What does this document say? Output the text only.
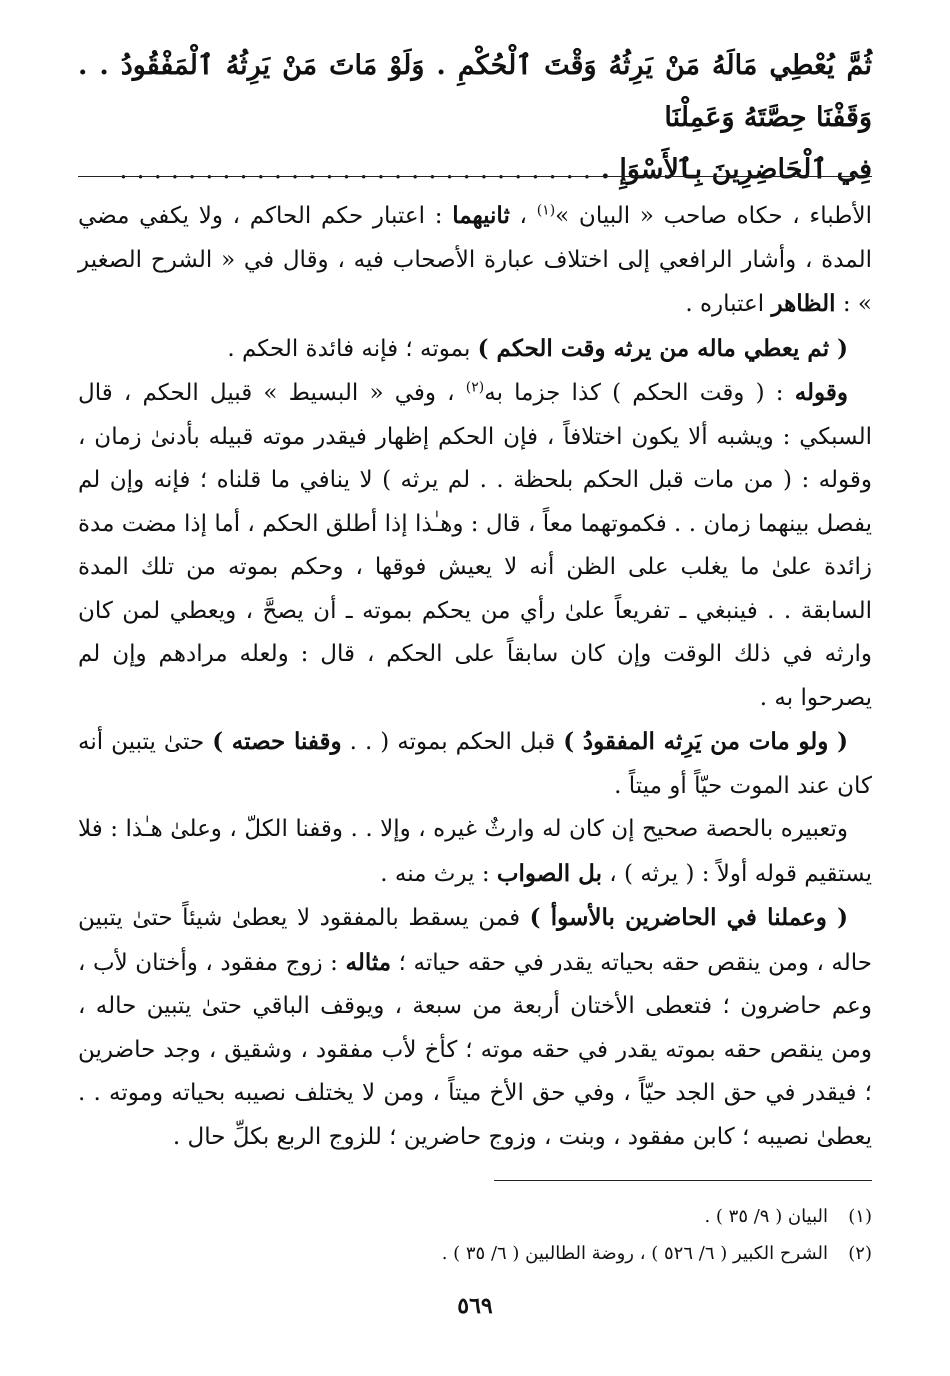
ثُمَّ يُعْطِي مَالَهُ مَنْ يَرِثُهُ وَقْتَ ٱلْحُكْمِ . وَلَوْ مَاتَ مَنْ يَرِثُهُ ٱلْمَفْقُودُ . . وَقَفْنَا حِصَّتَهُ وَعَمِلْنَا
فِي ٱلْحَاضِرِينَ بِٱلأَسْوَإِ . . . . . . . . . . . . . . . . . . . . . . . . . . . . .

الأطباء ، حكاه صاحب « البيان »$^{(١)}$ ، ثانيهما : اعتبار حكم الحاكم ، ولا يكفي مضي المدة ، وأشار الرافعي إلى اختلاف عبارة الأصحاب فيه ، وقال في « الشرح الصغير » : الظاهر اعتباره .

( ثم يعطي ماله من يرثه وقت الحكم ) بموته ؛ فإنه فائدة الحكم .

وقوله : ( وقت الحكم ) كذا جزما به$^{(٢)}$ ، وفي « البسيط » قبيل الحكم ، قال السبكي : ويشبه ألا يكون اختلافاً ، فإن الحكم إظهار فيقدر موته قبيله بأدنىٰ زمان ، وقوله : ( من مات قبل الحكم بلحظة . . لم يرثه ) لا ينافي ما قلناه ؛ فإنه وإن لم يفصل بينهما زمان . . فكموتهما معاً ، قال : وهـٰذا إذا أطلق الحكم ، أما إذا مضت مدة زائدة علىٰ ما يغلب على الظن أنه لا يعيش فوقها ، وحكم بموته من تلك المدة السابقة . . فينبغي ـ تفريعاً علىٰ رأي من يحكم بموته ـ أن يصحَّ ، ويعطي لمن كان وارثه في ذلك الوقت وإن كان سابقاً على الحكم ، قال : ولعله مرادهم وإن لم يصرحوا به .

( ولو مات من يَرِثه المفقودُ ) قبل الحكم بموته ( . . وقفنا حصته ) حتىٰ يتبين أنه كان عند الموت حيّاً أو ميتاً .

وتعبيره بالحصة صحيح إن كان له وارثٌ غيره ، وإلا . . وقفنا الكلّ ، وعلىٰ هـٰذا : فلا يستقيم قوله أولاً : ( يرثه ) ، بل الصواب : يرث منه .

( وعملنا في الحاضرين بالأسوأ ) فمن يسقط بالمفقود لا يعطىٰ شيئاً حتىٰ يتبين حاله ، ومن ينقص حقه بحياته يقدر في حقه حياته ؛ مثاله : زوج مفقود ، وأختان لأب ، وعم حاضرون ؛ فتعطى الأختان أربعة من سبعة ، ويوقف الباقي حتىٰ يتبين حاله ، ومن ينقص حقه بموته يقدر في حقه موته ؛ كأخ لأب مفقود ، وشقيق ، وجد حاضرين ؛ فيقدر في حق الجد حيّاً ، وفي حق الأخ ميتاً ، ومن لا يختلف نصيبه بحياته وموته . . يعطىٰ نصيبه ؛ كابن مفقود ، وبنت ، وزوج حاضرين ؛ للزوج الربع بكلِّ حال .

(١)البيان ( ٩/ ٣٥ ) .
(٢)الشرح الكبير ( ٦/ ٥٢٦ ) ، روضة الطالبين ( ٦/ ٣٥ ) .
٥٦٩
